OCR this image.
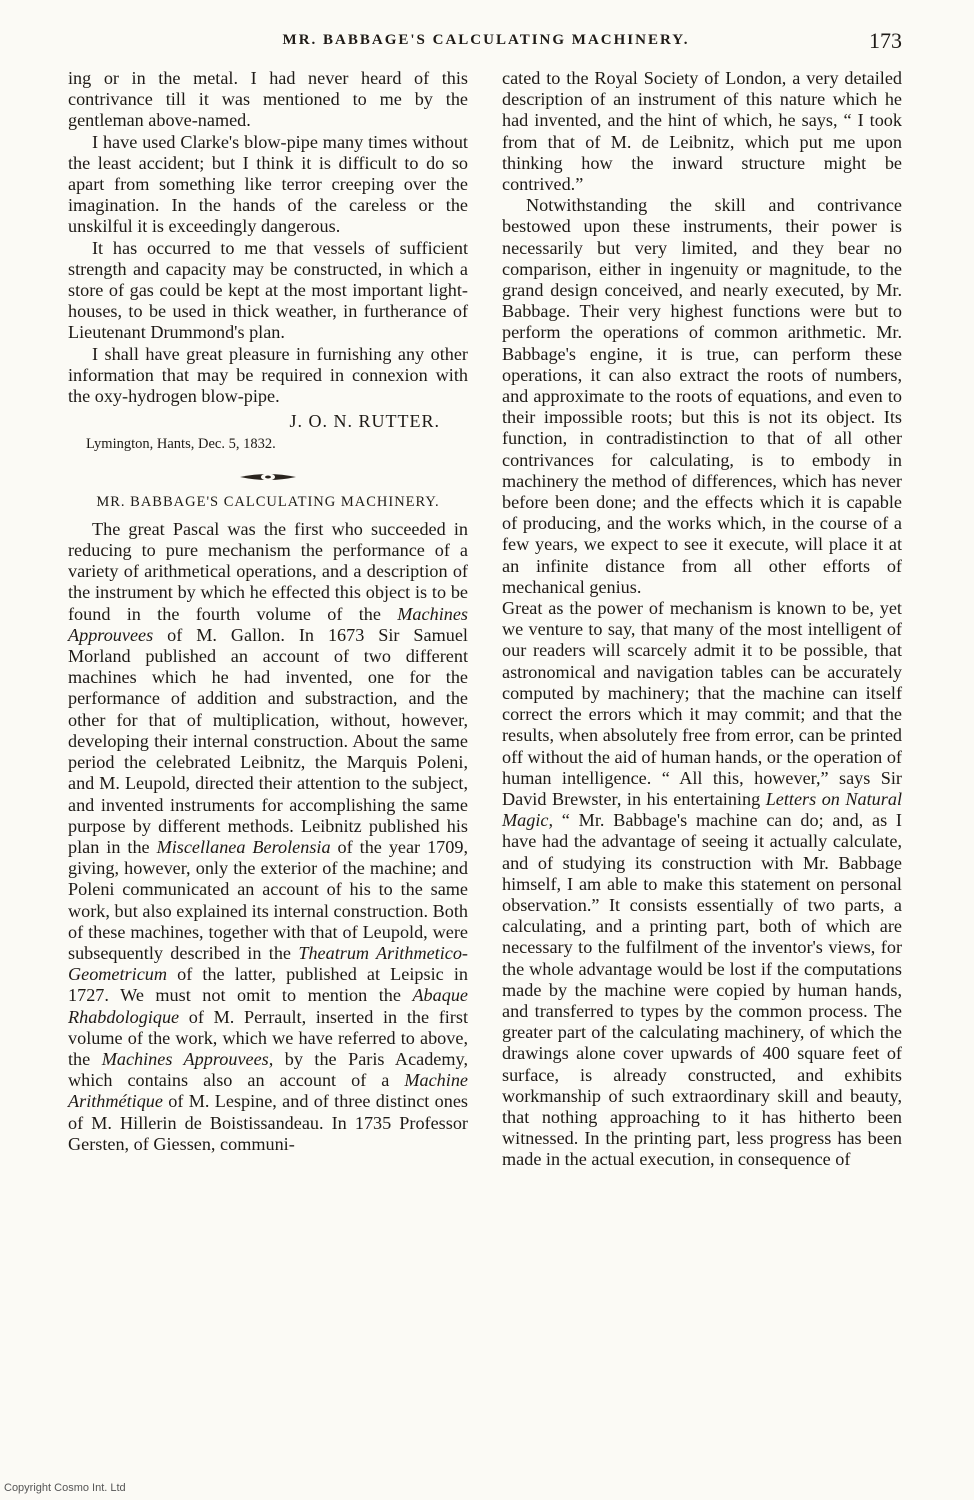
MR. BABBAGE'S CALCULATING MACHINERY.	173

ing or in the metal. I had never heard of this contrivance till it was mentioned to me by the gentleman above-named.

I have used Clarke's blow-pipe many times without the least accident; but I think it is difficult to do so apart from something like terror creeping over the imagination. In the hands of the careless or the unskilful it is exceedingly dangerous.

It has occurred to me that vessels of sufficient strength and capacity may be constructed, in which a store of gas could be kept at the most important light-houses, to be used in thick weather, in furtherance of Lieutenant Drummond's plan.

I shall have great pleasure in furnishing any other information that may be required in connexion with the oxy-hydrogen blow-pipe.

J. O. N. RUTTER.
Lymington, Hants, Dec. 5, 1832.
MR. BABBAGE'S CALCULATING MACHINERY.

The great Pascal was the first who succeeded in reducing to pure mechanism the performance of a variety of arithmetical operations, and a description of the instrument by which he effected this object is to be found in the fourth volume of the Machines Approuvees of M. Gallon. In 1673 Sir Samuel Morland published an account of two different machines which he had invented, one for the performance of addition and substraction, and the other for that of multiplication, without, however, developing their internal construction. About the same period the celebrated Leibnitz, the Marquis Poleni, and M. Leupold, directed their attention to the subject, and invented instruments for accomplishing the same purpose by different methods. Leibnitz published his plan in the Miscellanea Berolensia of the year 1709, giving, however, only the exterior of the machine; and Poleni communicated an account of his to the same work, but also explained its internal construction. Both of these machines, together with that of Leupold, were subsequently described in the Theatrum Arithmetico-Geometricum of the latter, published at Leipsic in 1727. We must not omit to mention the Abaque Rhabdologique of M. Perrault, inserted in the first volume of the work, which we have referred to above, the Machines Approuvees, by the Paris Academy, which contains also an account of a Machine Arithmétique of M. Lespine, and of three distinct ones of M. Hillerin de Boistissandeau. In 1735 Professor Gersten, of Giessen, communi-

cated to the Royal Society of London, a very detailed description of an instrument of this nature which he had invented, and the hint of which, he says, “ I took from that of M. de Leibnitz, which put me upon thinking how the inward structure might be contrived.”

Notwithstanding the skill and contrivance bestowed upon these instruments, their power is necessarily but very limited, and they bear no comparison, either in ingenuity or magnitude, to the grand design conceived, and nearly executed, by Mr. Babbage. Their very highest functions were but to perform the operations of common arithmetic. Mr. Babbage's engine, it is true, can perform these operations, it can also extract the roots of numbers, and approximate to the roots of equations, and even to their impossible roots; but this is not its object. Its function, in contradistinction to that of all other contrivances for calculating, is to embody in machinery the method of differences, which has never before been done; and the effects which it is capable of producing, and the works which, in the course of a few years, we expect to see it execute, will place it at an infinite distance from all other efforts of mechanical genius.

Great as the power of mechanism is known to be, yet we venture to say, that many of the most intelligent of our readers will scarcely admit it to be possible, that astronomical and navigation tables can be accurately computed by machinery; that the machine can itself correct the errors which it may commit; and that the results, when absolutely free from error, can be printed off without the aid of human hands, or the operation of human intelligence. “ All this, however,” says Sir David Brewster, in his entertaining Letters on Natural Magic, “ Mr. Babbage's machine can do; and, as I have had the advantage of seeing it actually calculate, and of studying its construction with Mr. Babbage himself, I am able to make this statement on personal observation.” It consists essentially of two parts, a calculating, and a printing part, both of which are necessary to the fulfilment of the inventor's views, for the whole advantage would be lost if the computations made by the machine were copied by human hands, and transferred to types by the common process. The greater part of the calculating machinery, of which the drawings alone cover upwards of 400 square feet of surface, is already constructed, and exhibits workmanship of such extraordinary skill and beauty, that nothing approaching to it has hitherto been witnessed. In the printing part, less progress has been made in the actual execution, in consequence of

Copyright Cosmo Int. Ltd
